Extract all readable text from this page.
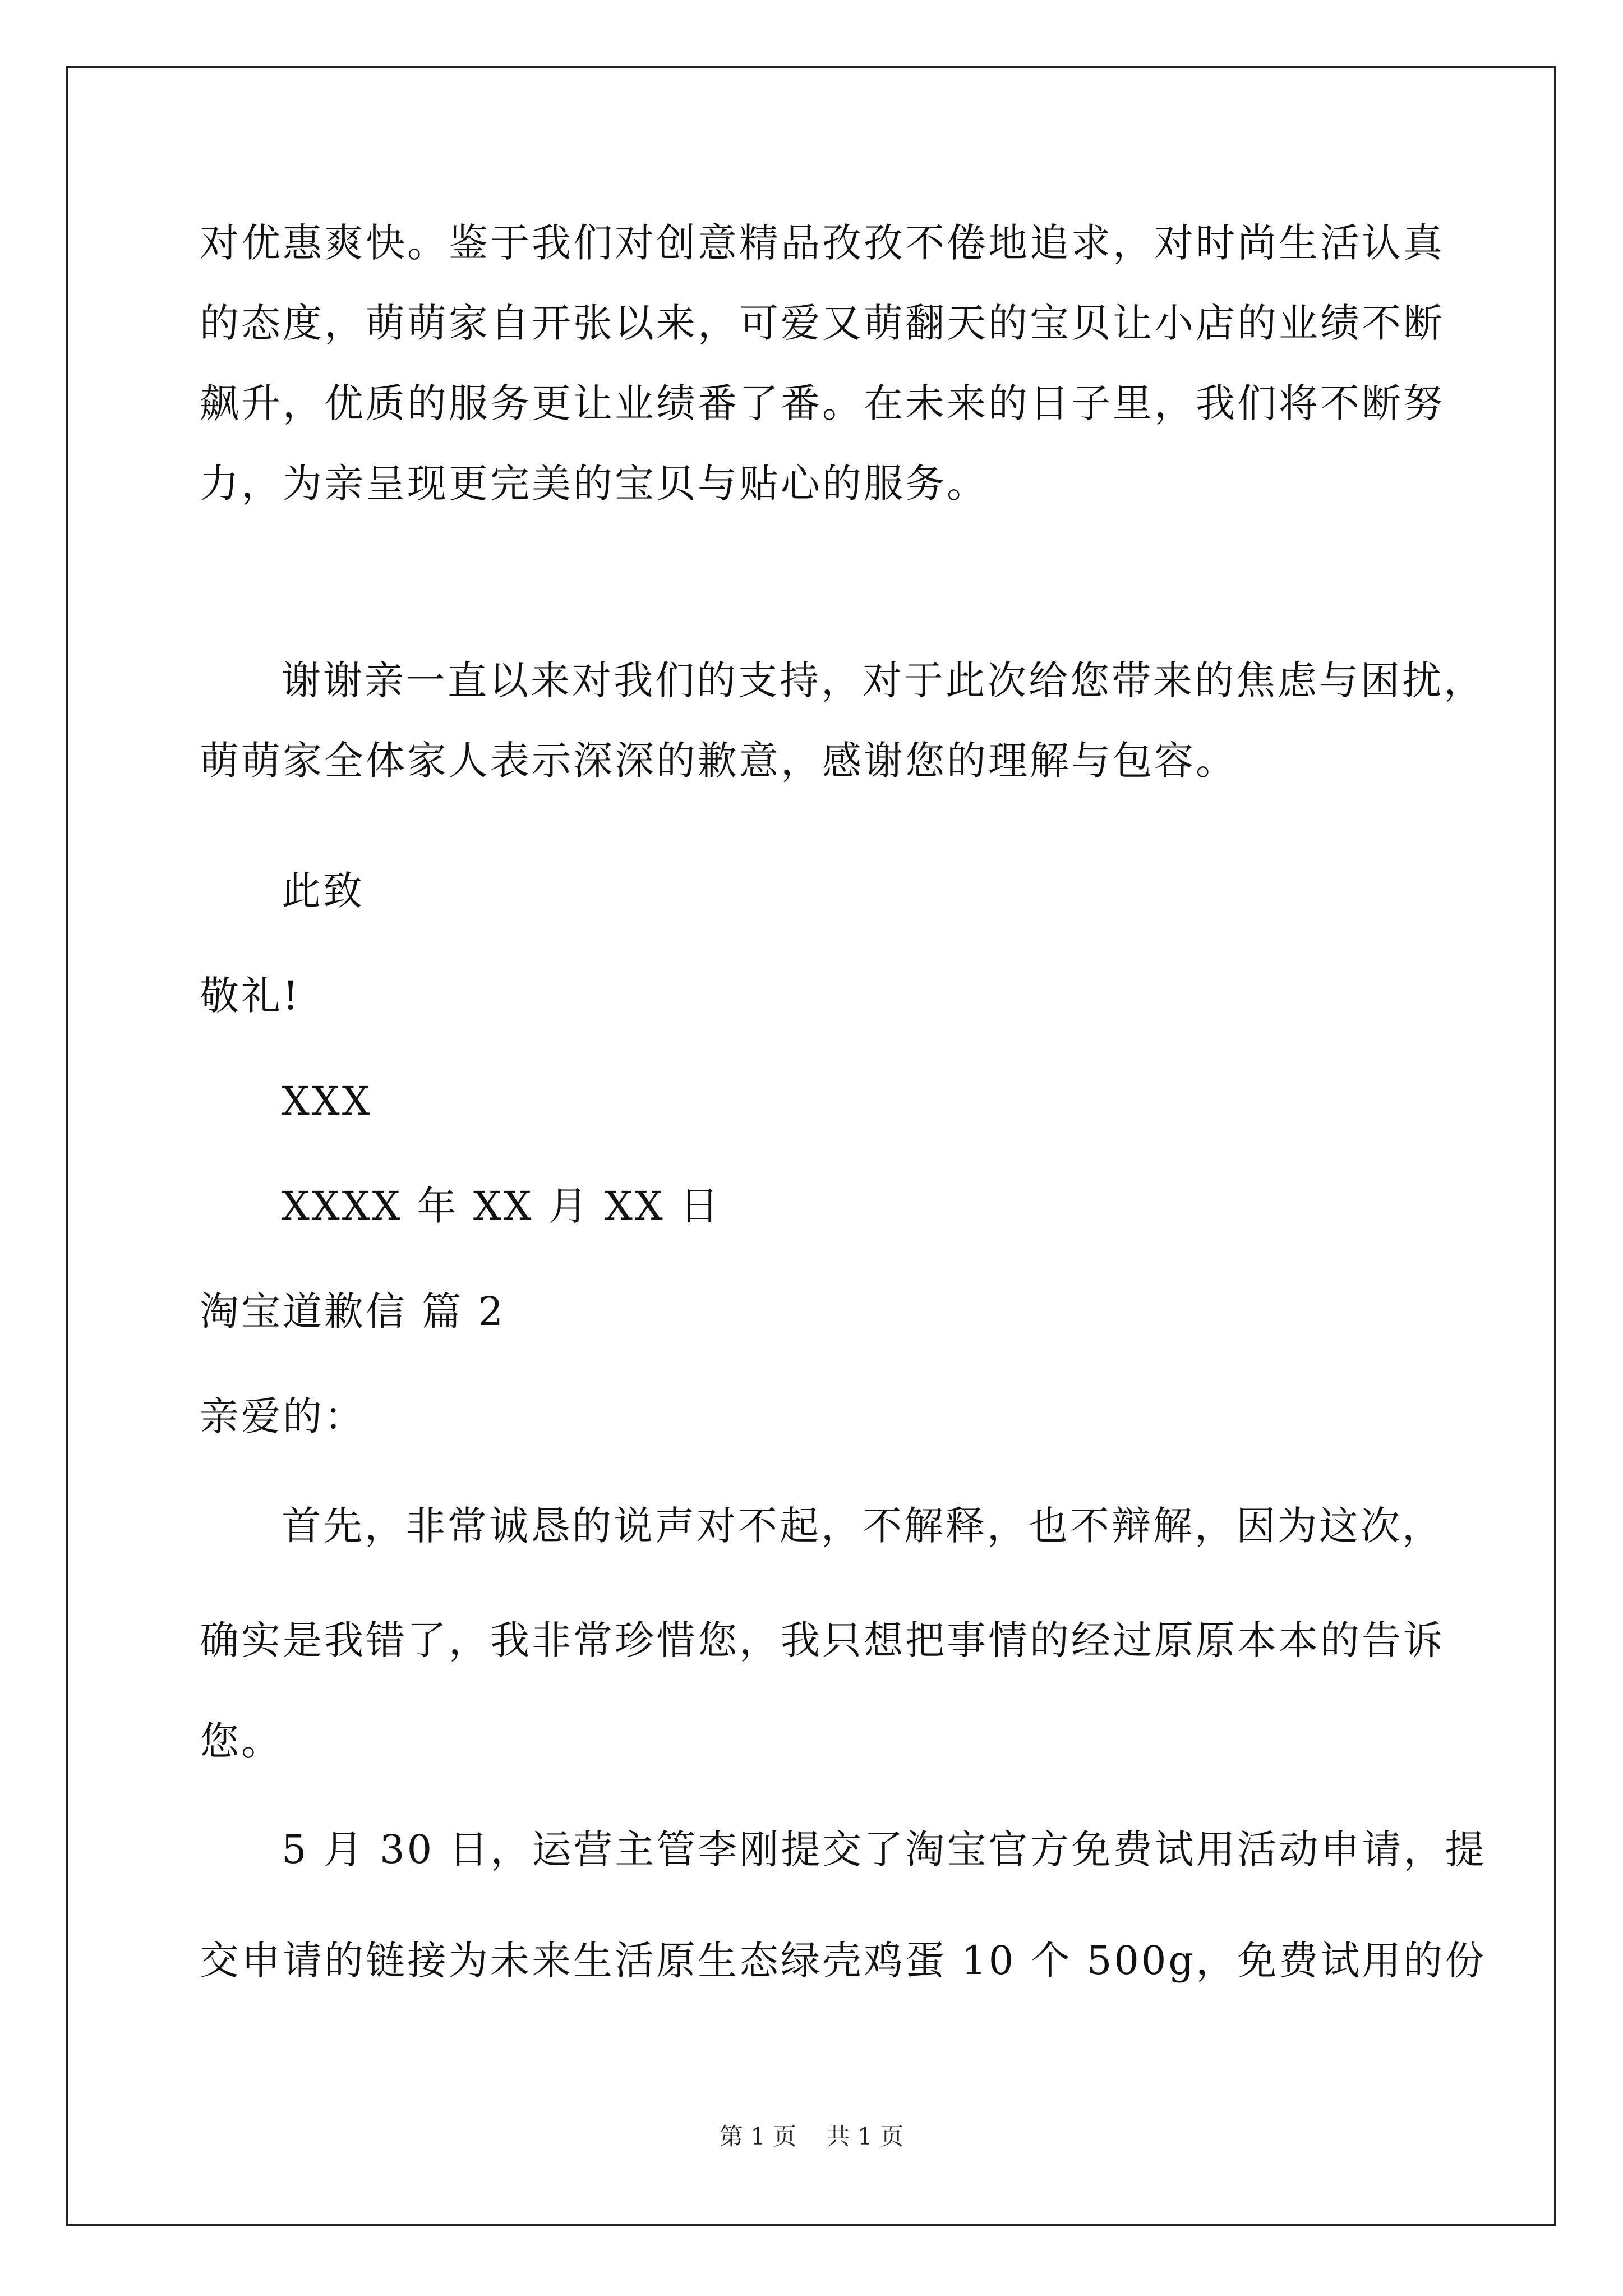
对优惠爽快。鉴于我们对创意精品孜孜不倦地追求，对时尚生活认真
的态度，萌萌家自开张以来，可爱又萌翻天的宝贝让小店的业绩不断
飙升，优质的服务更让业绩番了番。在未来的日子里，我们将不断努
力，为亲呈现更完美的宝贝与贴心的服务。
谢谢亲一直以来对我们的支持，对于此次给您带来的焦虑与困扰，
萌萌家全体家人表示深深的歉意，感谢您的理解与包容。
此致
敬礼!
XXX
XXXX 年 XX 月 XX 日
淘宝道歉信 篇 2
亲爱的：
首先，非常诚恳的说声对不起，不解释，也不辩解，因为这次，
确实是我错了，我非常珍惜您，我只想把事情的经过原原本本的告诉
您。
5 月 30 日，运营主管李刚提交了淘宝官方免费试用活动申请，提
交申请的链接为未来生活原生态绿壳鸡蛋 10 个 500g，免费试用的份
第 1 页    共 1 页
